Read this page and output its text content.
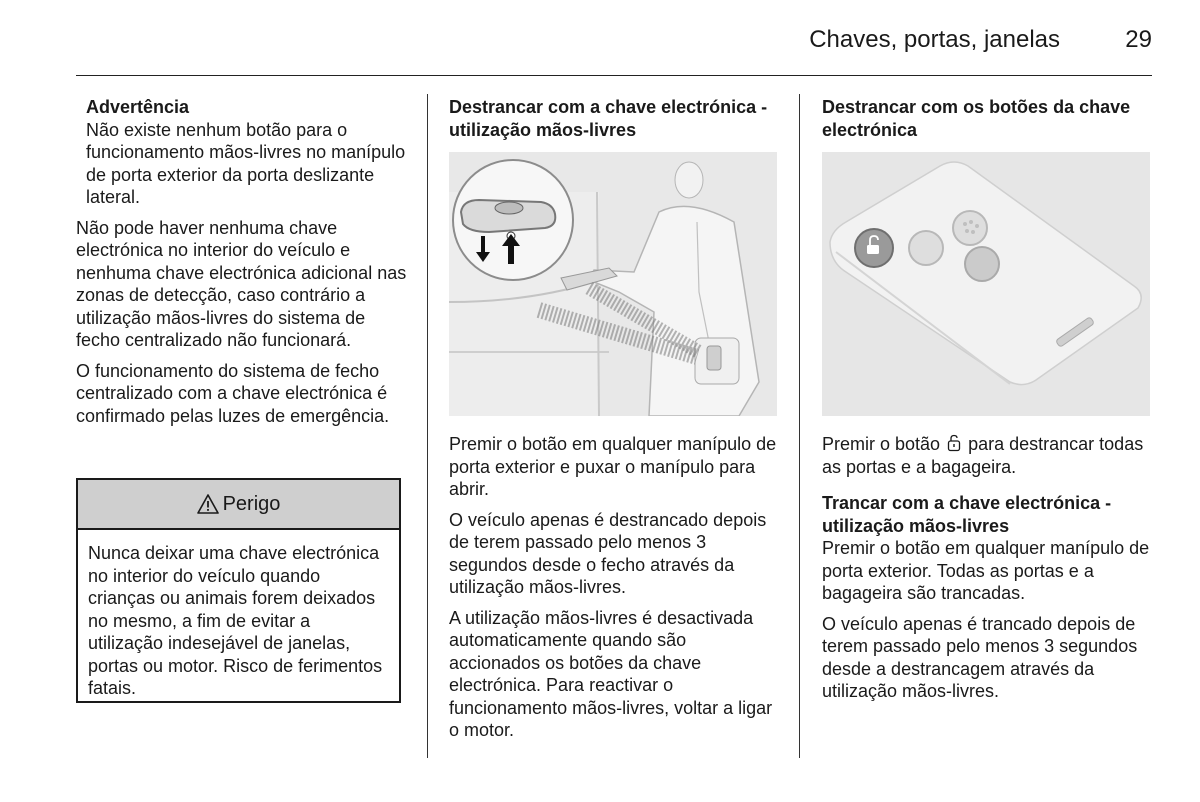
Chaves, portas, janelas	29
Advertência
Não existe nenhum botão para o funcionamento mãos-livres no manípulo de porta exterior da porta deslizante lateral.

Não pode haver nenhuma chave electrónica no interior do veículo e nenhuma chave electrónica adicional nas zonas de detecção, caso contrário a utilização mãos-livres do sistema de fecho centralizado não funcionará.

O funcionamento do sistema de fecho centralizado com a chave electrónica é confirmado pelas luzes de emergência.

Perigo
Nunca deixar uma chave electrónica no interior do veículo quando crianças ou animais forem deixados no mesmo, a fim de evitar a utilização indesejável de janelas, portas ou motor. Risco de ferimentos fatais.
Destrancar com a chave electrónica - utilização mãos-livres

Premir o botão em qualquer manípulo de porta exterior e puxar o manípulo para abrir.

O veículo apenas é destrancado depois de terem passado pelo menos 3 segundos desde o fecho através da utilização mãos-livres.

A utilização mãos-livres é desactivada automaticamente quando são accionados os botões da chave electrónica. Para reactivar o funcionamento mãos-livres, voltar a ligar o motor.

Destrancar com os botões da chave electrónica

Premir o botão para destrancar todas as portas e a bagageira.

Trancar com a chave electrónica - utilização mãos-livres

Premir o botão em qualquer manípulo de porta exterior. Todas as portas e a bagageira são trancadas.

O veículo apenas é trancado depois de terem passado pelo menos 3 segundos desde a destrancagem através da utilização mãos-livres.
